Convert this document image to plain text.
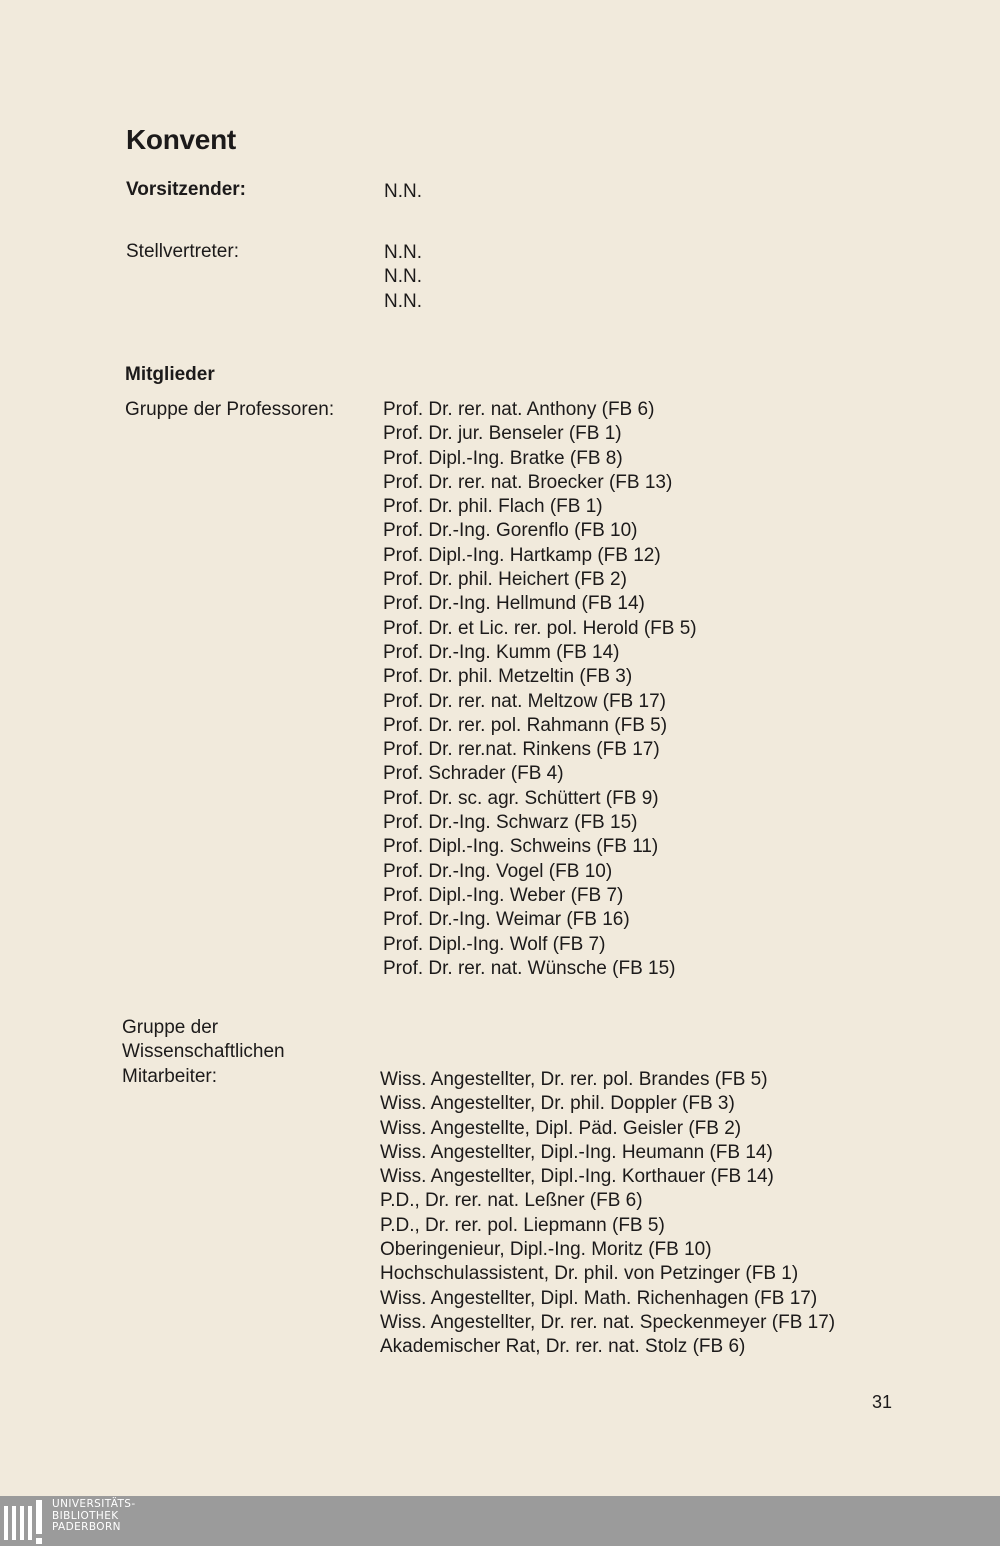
Konvent
Vorsitzender:	N.N.
Stellvertreter:	N.N.
N.N.
N.N.
Mitglieder
Gruppe der Professoren:	Prof. Dr. rer. nat. Anthony (FB 6)
Prof. Dr. jur. Benseler (FB 1)
Prof. Dipl.-Ing. Bratke (FB 8)
Prof. Dr. rer. nat. Broecker (FB 13)
Prof. Dr. phil. Flach (FB 1)
Prof. Dr.-Ing. Gorenflo (FB 10)
Prof. Dipl.-Ing. Hartkamp (FB 12)
Prof. Dr. phil. Heichert (FB 2)
Prof. Dr.-Ing. Hellmund (FB 14)
Prof. Dr. et Lic. rer. pol. Herold (FB 5)
Prof. Dr.-Ing. Kumm (FB 14)
Prof. Dr. phil. Metzeltin (FB 3)
Prof. Dr. rer. nat. Meltzow (FB 17)
Prof. Dr. rer. pol. Rahmann (FB 5)
Prof. Dr. rer.nat. Rinkens (FB 17)
Prof. Schrader (FB 4)
Prof. Dr. sc. agr. Schüttert (FB 9)
Prof. Dr.-Ing. Schwarz (FB 15)
Prof. Dipl.-Ing. Schweins (FB 11)
Prof. Dr.-Ing. Vogel (FB 10)
Prof. Dipl.-Ing. Weber (FB 7)
Prof. Dr.-Ing. Weimar (FB 16)
Prof. Dipl.-Ing. Wolf (FB 7)
Prof. Dr. rer. nat. Wünsche (FB 15)
Gruppe der
Wissenschaftlichen
Mitarbeiter:	Wiss. Angestellter, Dr. rer. pol. Brandes (FB 5)
Wiss. Angestellter, Dr. phil. Doppler (FB 3)
Wiss. Angestellte, Dipl. Päd. Geisler (FB 2)
Wiss. Angestellter, Dipl.-Ing. Heumann (FB 14)
Wiss. Angestellter, Dipl.-Ing. Korthauer (FB 14)
P.D., Dr. rer. nat. Leßner (FB 6)
P.D., Dr. rer. pol. Liepmann (FB 5)
Oberingenieur, Dipl.-Ing. Moritz (FB 10)
Hochschulassistent, Dr. phil. von Petzinger (FB 1)
Wiss. Angestellter, Dipl. Math. Richenhagen (FB 17)
Wiss. Angestellter, Dr. rer. nat. Speckenmeyer (FB 17)
Akademischer Rat, Dr. rer. nat. Stolz (FB 6)
31
UNIVERSITÄTS-
BIBLIOTHEK
PADERBORN
